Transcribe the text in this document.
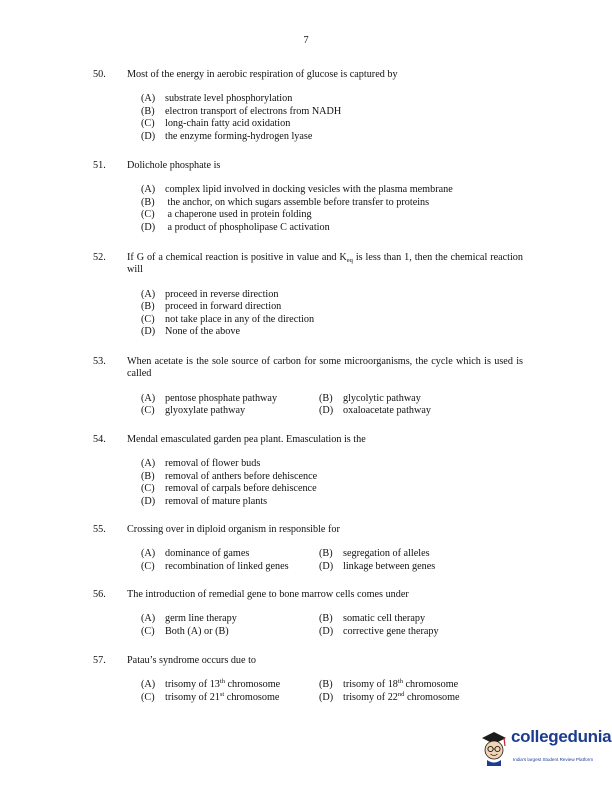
7
50. Most of the energy in aerobic respiration of glucose is captured by
(A) substrate level phosphorylation
(B) electron transport of electrons from NADH
(C) long-chain fatty acid oxidation
(D) the enzyme forming-hydrogen lyase
51. Dolichole phosphate is
(A) complex lipid involved in docking vesicles with the plasma membrane
(B) the anchor, on which sugars assemble before transfer to proteins
(C) a chaperone used in protein folding
(D) a product of phospholipase C activation
52. If G of a chemical reaction is positive in value and $K_{eq}$ is less than 1, then the chemical reaction will
(A) proceed in reverse direction
(B) proceed in forward direction
(C) not take place in any of the direction
(D) None of the above
53. When acetate is the sole source of carbon for some microorganisms, the cycle which is used is called
(A) pentose phosphate pathway	(B) glycolytic pathway
(C) glyoxylate pathway	(D) oxaloacetate pathway
54. Mendal emasculated garden pea plant. Emasculation is the
(A) removal of flower buds
(B) removal of anthers before dehiscence
(C) removal of carpals before dehiscence
(D) removal of mature plants
55. Crossing over in diploid organism in responsible for
(A) dominance of games	(B) segregation of alleles
(C) recombination of linked genes	(D) linkage between genes
56. The introduction of remedial gene to bone marrow cells comes under
(A) germ line therapy	(B) somatic cell therapy
(C) Both (A) or (B)	(D) corrective gene therapy
57. Patau’s syndrome occurs due to
(A) trisomy of 13th chromosome	(B) trisomy of 18th chromosome
(C) trisomy of 21st chromosome	(D) trisomy of 22nd chromosome
collegedunia
India's largest Student Review Platform
